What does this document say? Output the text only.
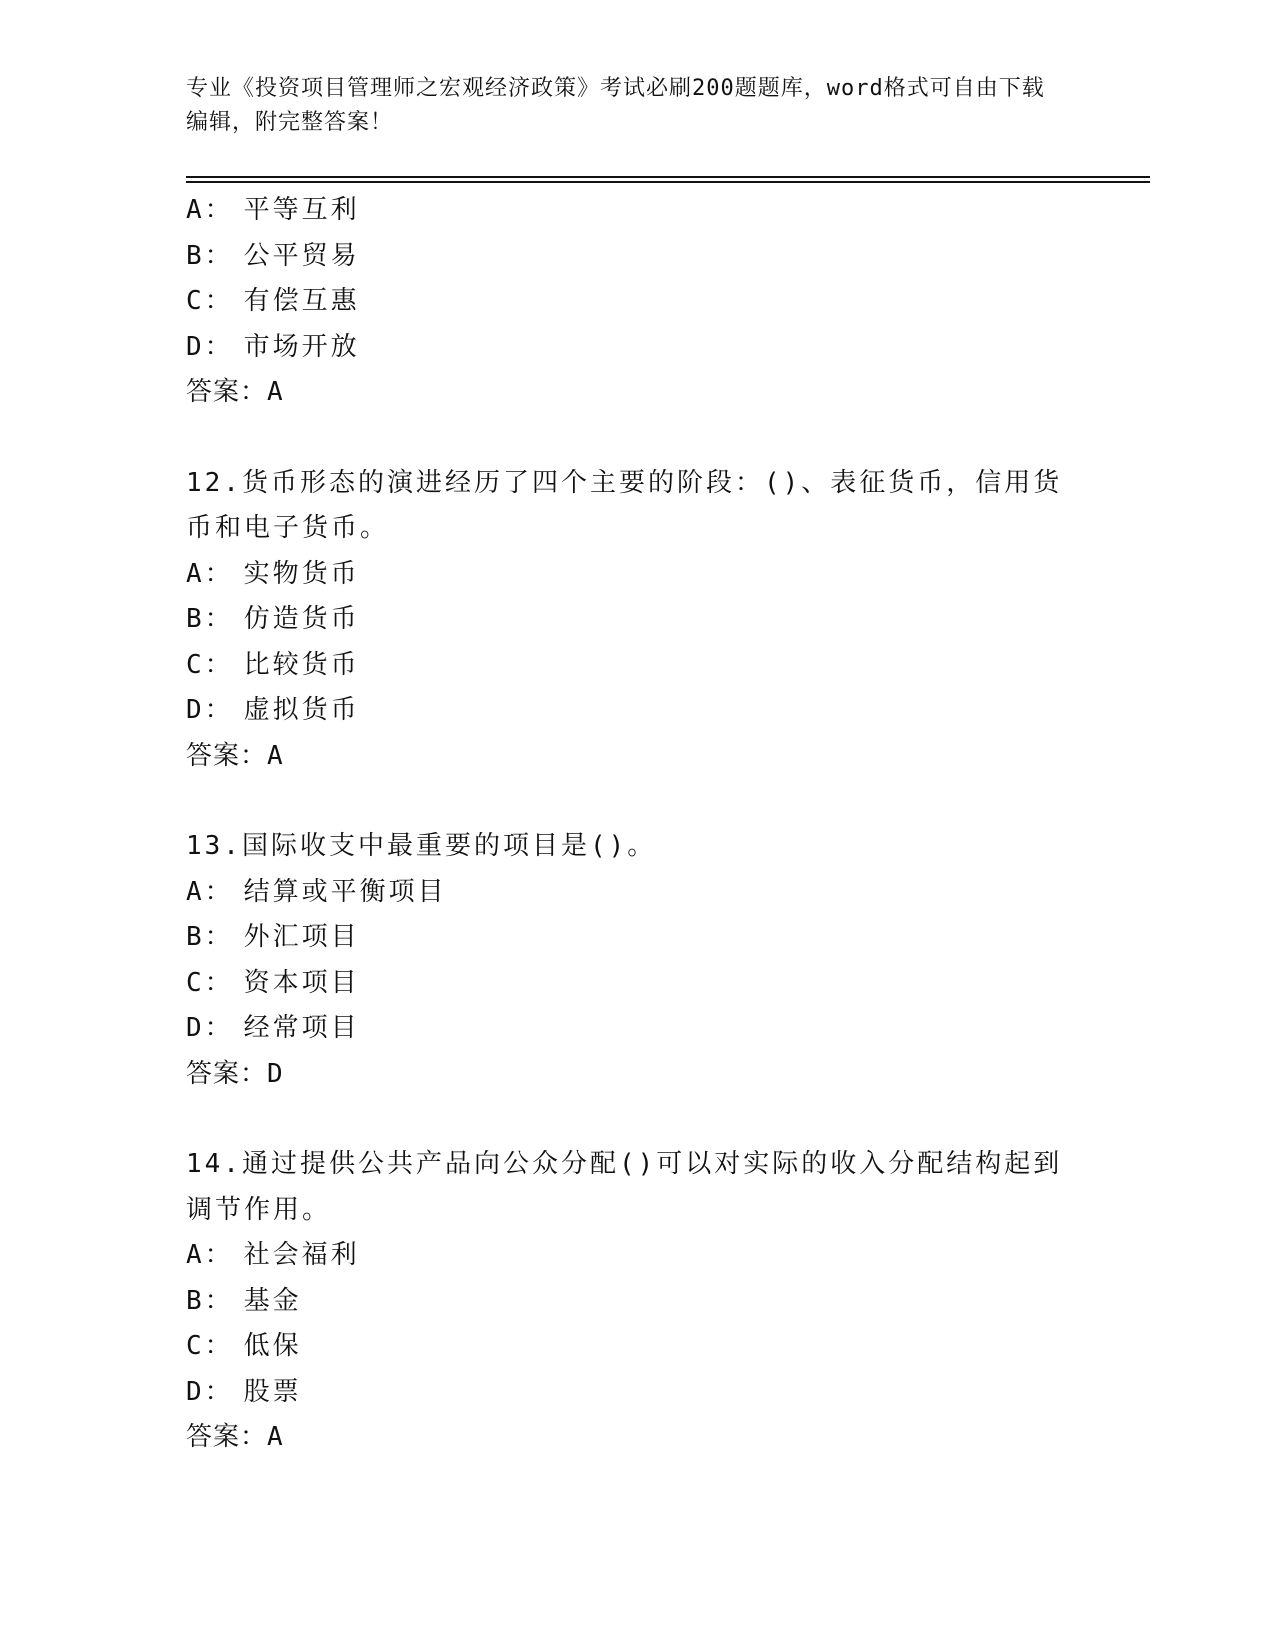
专业《投资项目管理师之宏观经济政策》考试必刷200题题库，word格式可自由下载编辑，附完整答案！

A： 平等互利
B： 公平贸易
C： 有偿互惠
D： 市场开放
答案：A

12.货币形态的演进经历了四个主要的阶段：()、表征货币，信用货币和电子货币。

A： 实物货币
B： 仿造货币
C： 比较货币
D： 虚拟货币
答案：A

13.国际收支中最重要的项目是()。

A： 结算或平衡项目
B： 外汇项目
C： 资本项目
D： 经常项目
答案：D

14.通过提供公共产品向公众分配()可以对实际的收入分配结构起到调节作用。

A： 社会福利
B： 基金
C： 低保
D： 股票
答案：A
